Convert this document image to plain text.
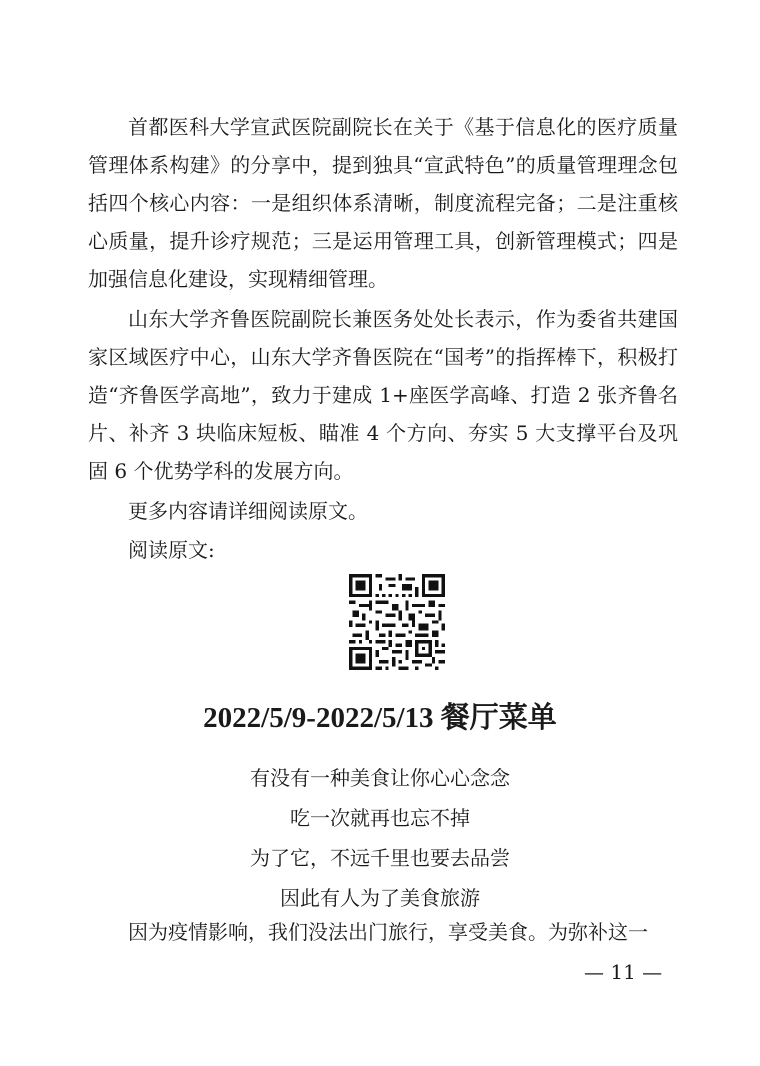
首都医科大学宣武医院副院长在关于《基于信息化的医疗质量管理体系构建》的分享中，提到独具“宣武特色”的质量管理理念包括四个核心内容：一是组织体系清晰，制度流程完备；二是注重核心质量，提升诊疗规范；三是运用管理工具，创新管理模式；四是加强信息化建设，实现精细管理。

山东大学齐鲁医院副院长兼医务处处长表示，作为委省共建国家区域医疗中心，山东大学齐鲁医院在“国考”的指挥棒下，积极打造“齐鲁医学高地”，致力于建成 1+座医学高峰、打造 2 张齐鲁名片、补齐 3 块临床短板、瞄准 4 个方向、夯实 5 大支撑平台及巩固 6 个优势学科的发展方向。

更多内容请详细阅读原文。

阅读原文:

2022/5/9-2022/5/13 餐厅菜单
有没有一种美食让你心心念念
吃一次就再也忘不掉
为了它，不远千里也要去品尝
因此有人为了美食旅游
因为疫情影响，我们没法出门旅行，享受美食。为弥补这一
— 11 —
